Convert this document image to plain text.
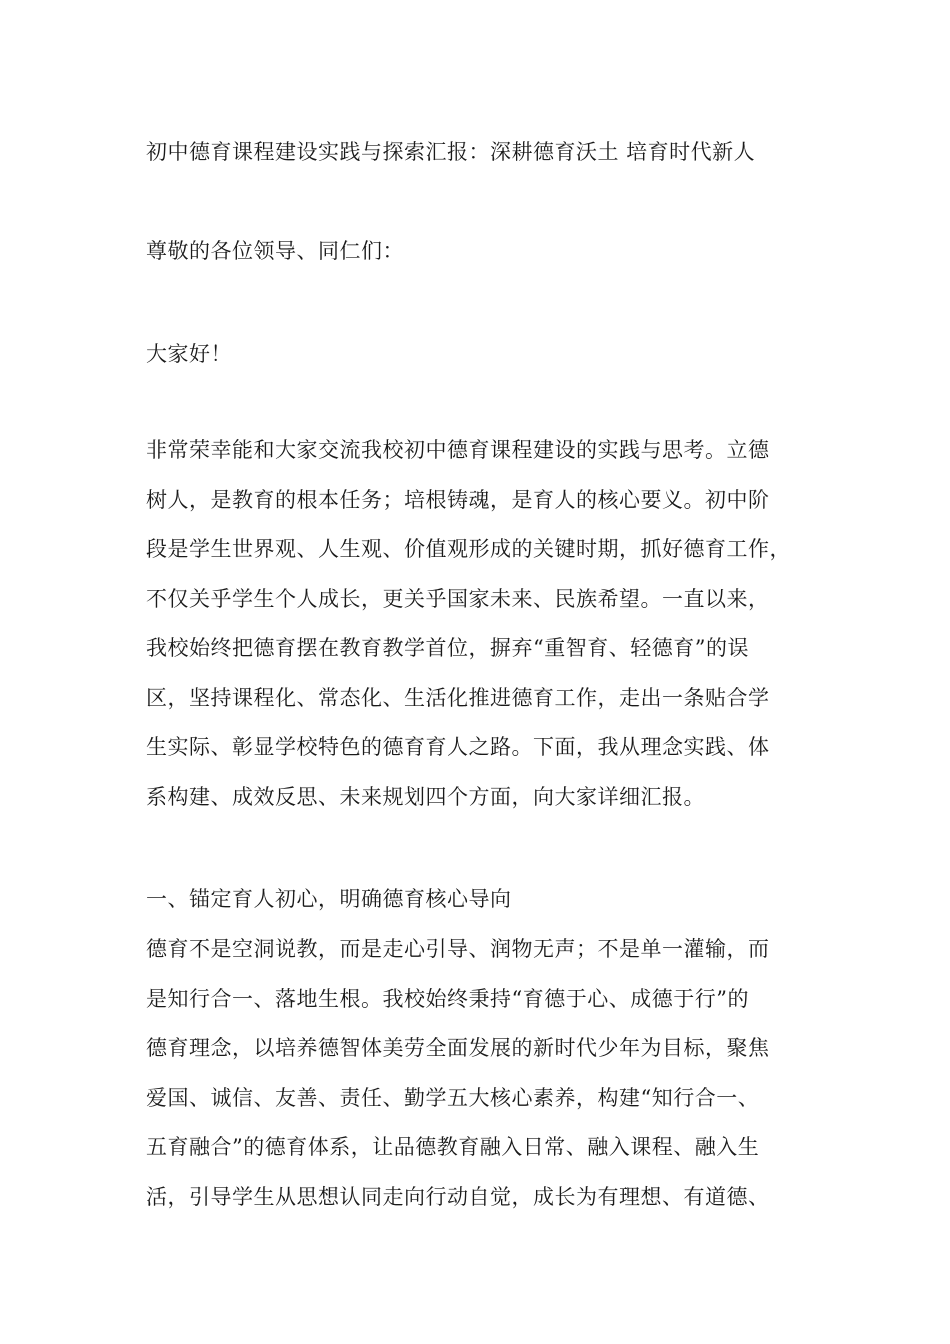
初中德育课程建设实践与探索汇报：深耕德育沃土 培育时代新人
尊敬的各位领导、同仁们：
大家好！
非常荣幸能和大家交流我校初中德育课程建设的实践与思考。立德
树人，是教育的根本任务；培根铸魂，是育人的核心要义。初中阶
段是学生世界观、人生观、价值观形成的关键时期，抓好德育工作，
不仅关乎学生个人成长，更关乎国家未来、民族希望。一直以来，
我校始终把德育摆在教育教学首位，摒弃“重智育、轻德育”的误
区，坚持课程化、常态化、生活化推进德育工作，走出一条贴合学
生实际、彰显学校特色的德育育人之路。下面，我从理念实践、体
系构建、成效反思、未来规划四个方面，向大家详细汇报。
一、锚定育人初心，明确德育核心导向
德育不是空洞说教，而是走心引导、润物无声；不是单一灌输，而
是知行合一、落地生根。我校始终秉持“育德于心、成德于行”的
德育理念，以培养德智体美劳全面发展的新时代少年为目标，聚焦
爱国、诚信、友善、责任、勤学五大核心素养，构建“知行合一、
五育融合”的德育体系，让品德教育融入日常、融入课程、融入生
活，引导学生从思想认同走向行动自觉，成长为有理想、有道德、
